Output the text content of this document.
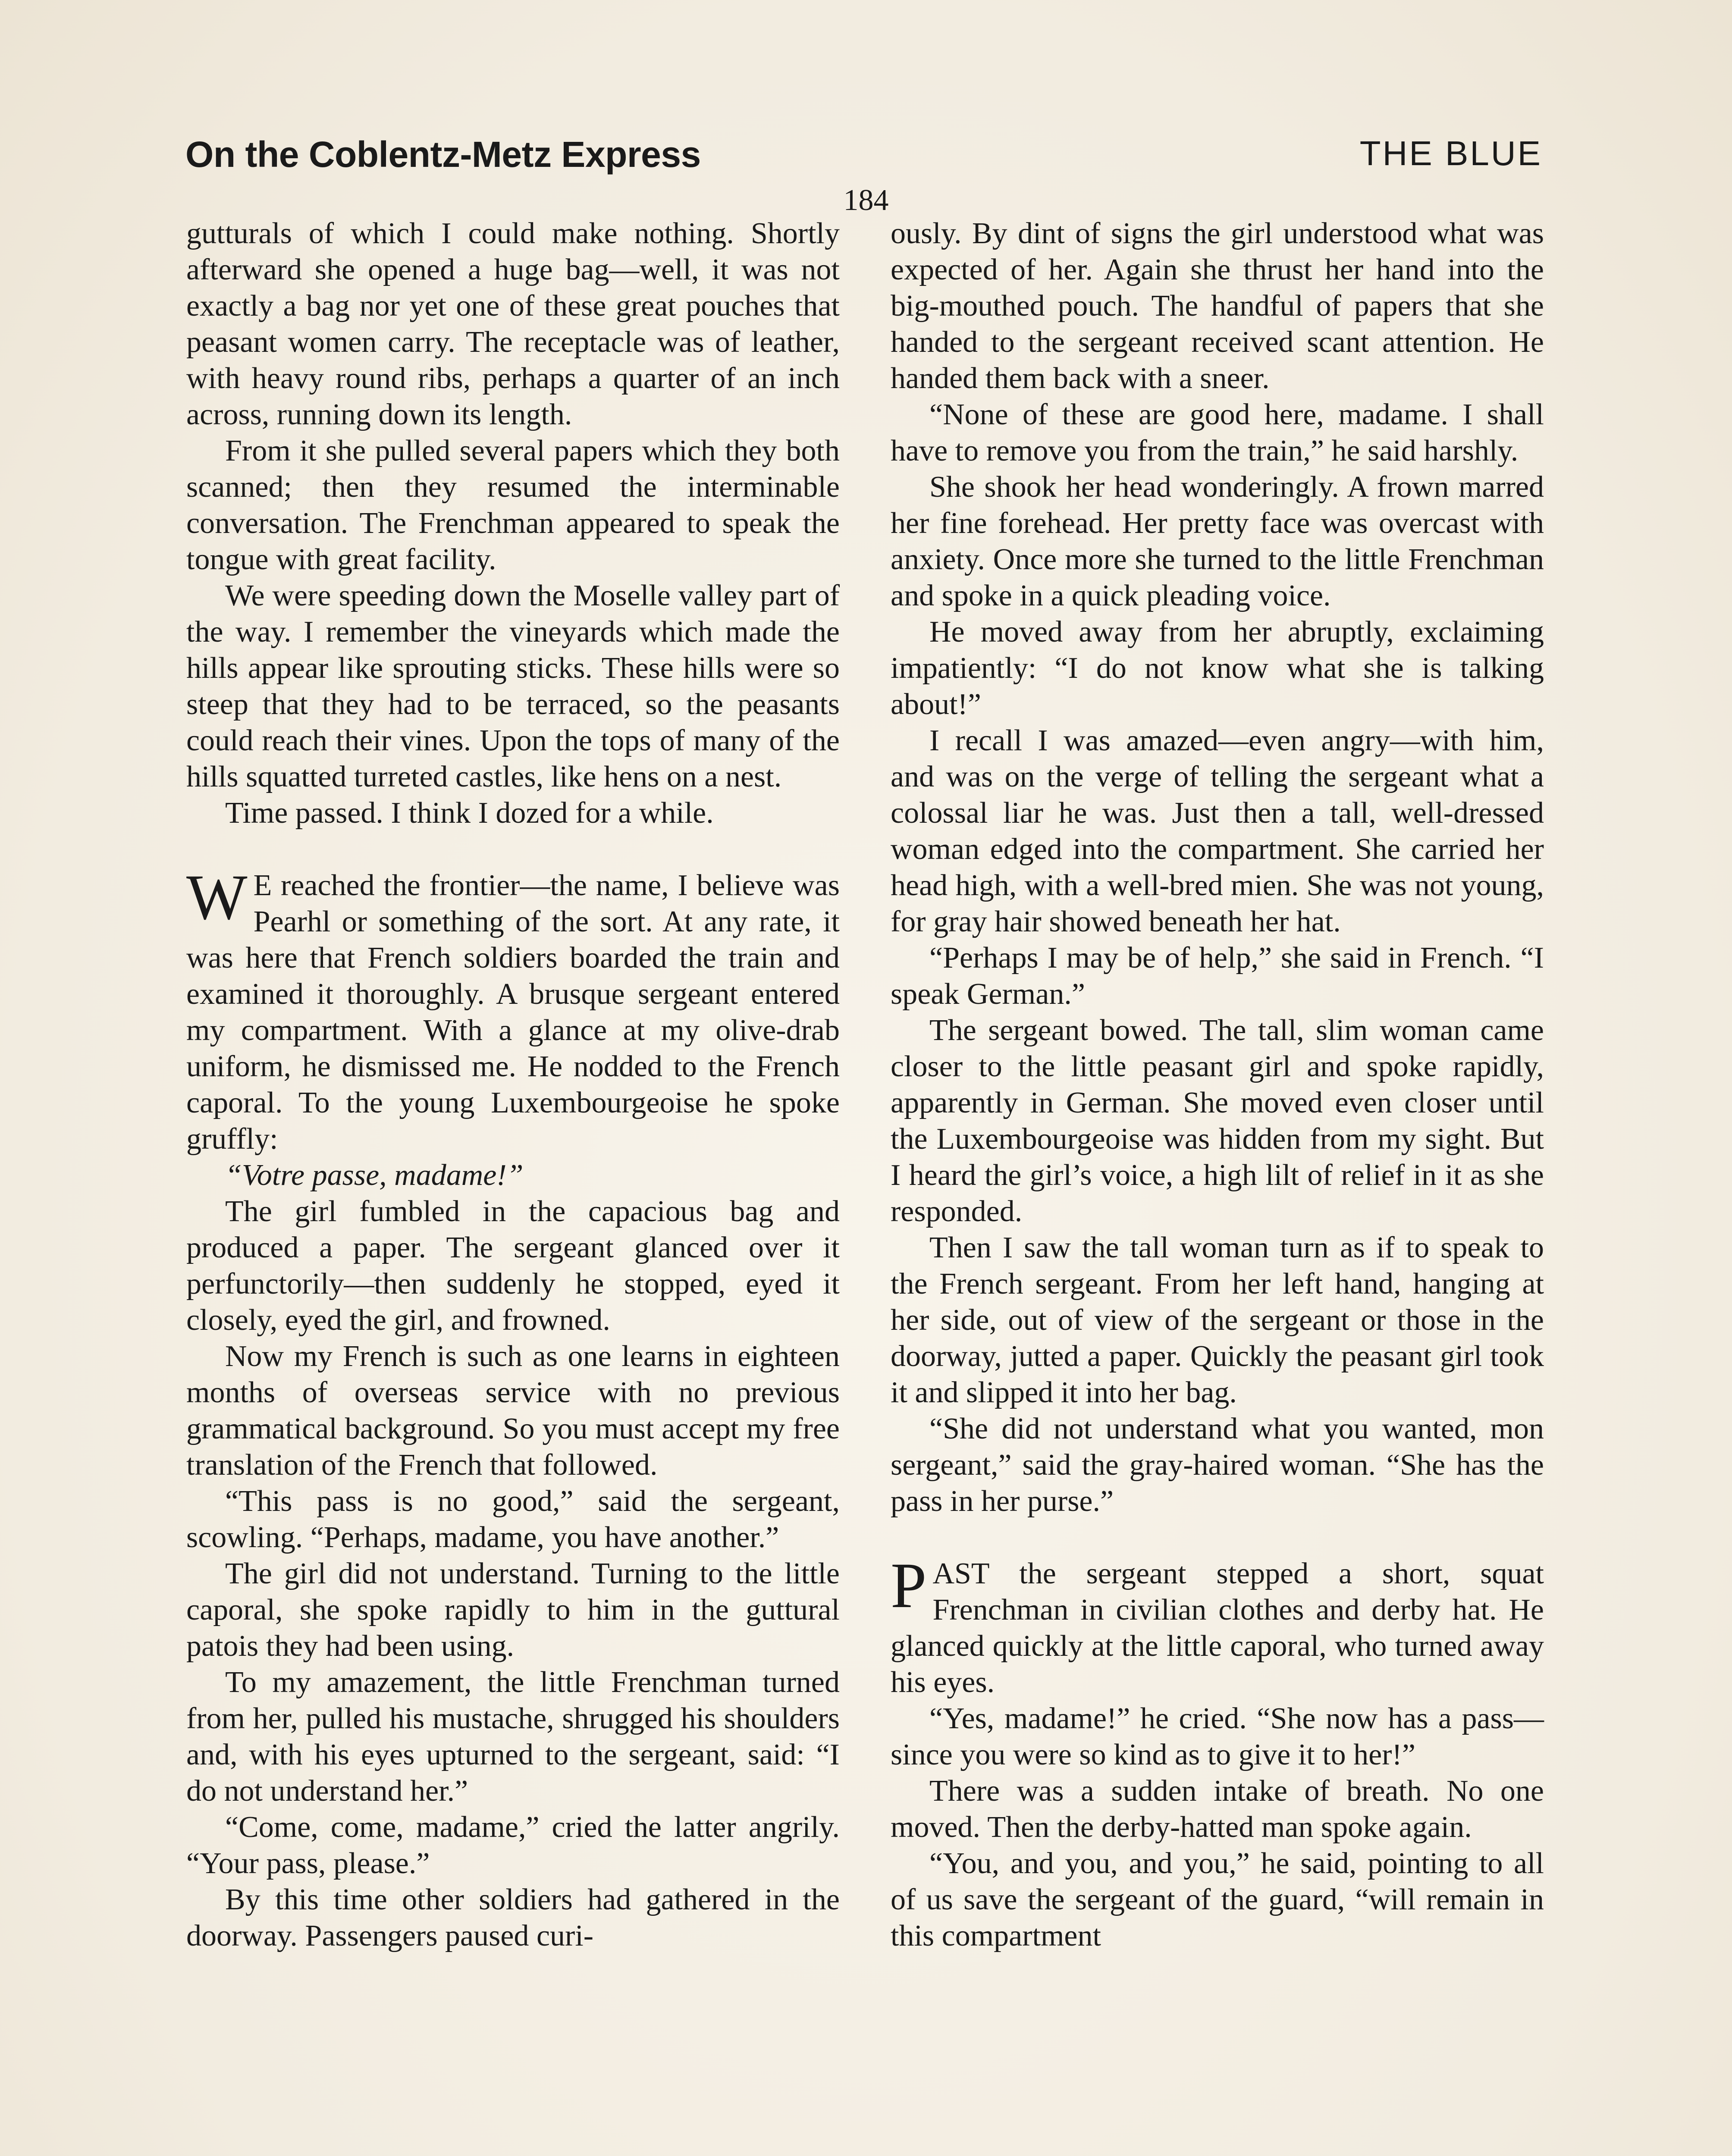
On the Coblentz-Metz Express	THE BLUE
184

gutturals of which I could make nothing. Shortly afterward she opened a huge bag—well, it was not exactly a bag nor yet one of these great pouches that peasant women carry. The receptacle was of leather, with heavy round ribs, perhaps a quarter of an inch across, running down its length.

From it she pulled several papers which they both scanned; then they resumed the interminable conversation. The Frenchman appeared to speak the tongue with great facility.

We were speeding down the Moselle valley part of the way. I remember the vineyards which made the hills appear like sprouting sticks. These hills were so steep that they had to be terraced, so the peasants could reach their vines. Upon the tops of many of the hills squatted turreted castles, like hens on a nest.

Time passed. I think I dozed for a while.

W E reached the frontier—the name, I believe was Pearhl or something of the sort. At any rate, it was here that French soldiers boarded the train and examined it thoroughly. A brusque sergeant entered my compartment. With a glance at my olive-drab uniform, he dismissed me. He nodded to the French caporal. To the young Luxembourgeoise he spoke gruffly:

“Votre passe, madame!”

The girl fumbled in the capacious bag and produced a paper. The sergeant glanced over it perfunctorily—then suddenly he stopped, eyed it closely, eyed the girl, and frowned.

Now my French is such as one learns in eighteen months of overseas service with no previous grammatical background. So you must accept my free translation of the French that followed.

“This pass is no good,” said the sergeant, scowling. “Perhaps, madame, you have another.”

The girl did not understand. Turning to the little caporal, she spoke rapidly to him in the guttural patois they had been using.

To my amazement, the little Frenchman turned from her, pulled his mustache, shrugged his shoulders and, with his eyes upturned to the sergeant, said: “I do not understand her.”

“Come, come, madame,” cried the latter angrily. “Your pass, please.”

By this time other soldiers had gathered in the doorway. Passengers paused curi-

ously. By dint of signs the girl understood what was expected of her. Again she thrust her hand into the big-mouthed pouch. The handful of papers that she handed to the sergeant received scant attention. He handed them back with a sneer.

“None of these are good here, madame. I shall have to remove you from the train,” he said harshly.

She shook her head wonderingly. A frown marred her fine forehead. Her pretty face was overcast with anxiety. Once more she turned to the little Frenchman and spoke in a quick pleading voice.

He moved away from her abruptly, exclaiming impatiently: “I do not know what she is talking about!”

I recall I was amazed—even angry—with him, and was on the verge of telling the sergeant what a colossal liar he was. Just then a tall, well-dressed woman edged into the compartment. She carried her head high, with a well-bred mien. She was not young, for gray hair showed beneath her hat.

“Perhaps I may be of help,” she said in French. “I speak German.”

The sergeant bowed. The tall, slim woman came closer to the little peasant girl and spoke rapidly, apparently in German. She moved even closer until the Luxembourgeoise was hidden from my sight. But I heard the girl’s voice, a high lilt of relief in it as she responded.

Then I saw the tall woman turn as if to speak to the French sergeant. From her left hand, hanging at her side, out of view of the sergeant or those in the doorway, jutted a paper. Quickly the peasant girl took it and slipped it into her bag.

“She did not understand what you wanted, mon sergeant,” said the gray-haired woman. “She has the pass in her purse.”

PAST the sergeant stepped a short, squat Frenchman in civilian clothes and derby hat. He glanced quickly at the little caporal, who turned away his eyes.

“Yes, madame!” he cried. “She now has a pass—since you were so kind as to give it to her!”

There was a sudden intake of breath. No one moved. Then the derby-hatted man spoke again.

“You, and you, and you,” he said, pointing to all of us save the sergeant of the guard, “will remain in this compartment
